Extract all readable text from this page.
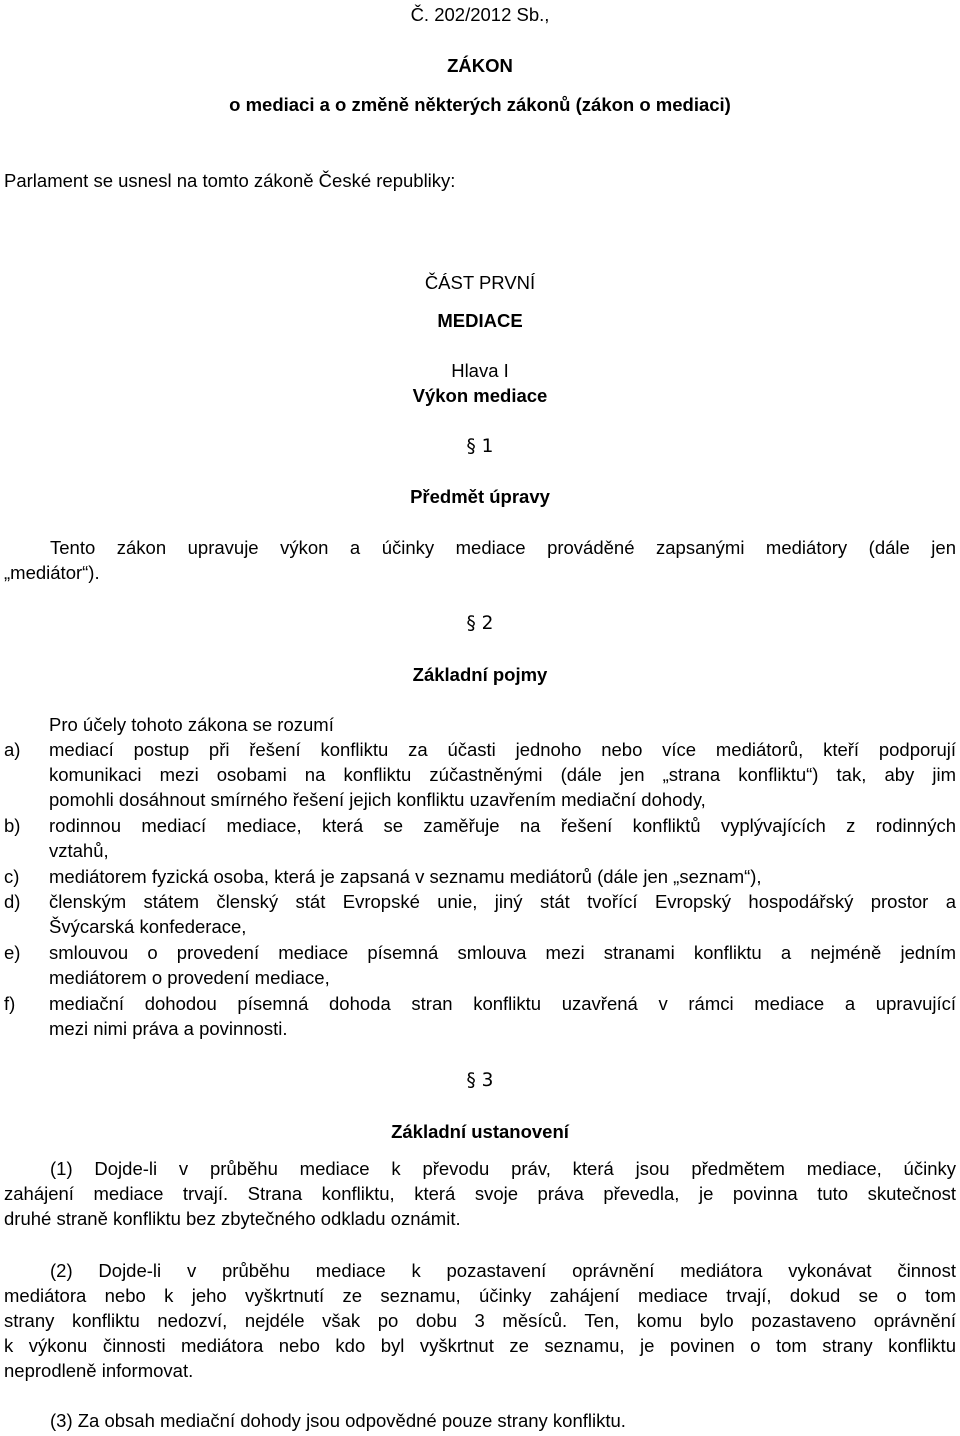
Č. 202/2012 Sb.,
ZÁKON
o mediaci a o změně některých zákonů (zákon o mediaci)
Parlament se usnesl na tomto zákoně České republiky:
ČÁST PRVNÍ
MEDIACE
Hlava I
Výkon mediace
§ 1
Předmět úpravy
Tento zákon upravuje výkon a účinky mediace prováděné zapsanými mediátory (dále jen
„mediátor“).
§ 2
Základní pojmy
Pro účely tohoto zákona se rozumí
a) mediací postup při řešení konfliktu za účasti jednoho nebo více mediátorů, kteří podporují
komunikaci mezi osobami na konfliktu zúčastněnými (dále jen „strana konfliktu“) tak, aby jim
pomohli dosáhnout smírného řešení jejich konfliktu uzavřením mediační dohody,
b) rodinnou mediací mediace, která se zaměřuje na řešení konfliktů vyplývajících z rodinných
vztahů,
c) mediátorem fyzická osoba, která je zapsaná v seznamu mediátorů (dále jen „seznam“),
d) členským státem členský stát Evropské unie, jiný stát tvořící Evropský hospodářský prostor a
Švýcarská konfederace,
e) smlouvou o provedení mediace písemná smlouva mezi stranami konfliktu a nejméně jedním
mediátorem o provedení mediace,
f) mediační dohodou písemná dohoda stran konfliktu uzavřená v rámci mediace a upravující
mezi nimi práva a povinnosti.
§ 3
Základní ustanovení
(1) Dojde-li v průběhu mediace k převodu práv, která jsou předmětem mediace, účinky
zahájení mediace trvají. Strana konfliktu, která svoje práva převedla, je povinna tuto skutečnost
druhé straně konfliktu bez zbytečného odkladu oznámit.
(2) Dojde-li v průběhu mediace k pozastavení oprávnění mediátora vykonávat činnost
mediátora nebo k jeho vyškrtnutí ze seznamu, účinky zahájení mediace trvají, dokud se o tom
strany konfliktu nedozví, nejdéle však po dobu 3 měsíců. Ten, komu bylo pozastaveno oprávnění
k výkonu činnosti mediátora nebo kdo byl vyškrtnut ze seznamu, je povinen o tom strany konfliktu
neprodleně informovat.
(3) Za obsah mediační dohody jsou odpovědné pouze strany konfliktu.
